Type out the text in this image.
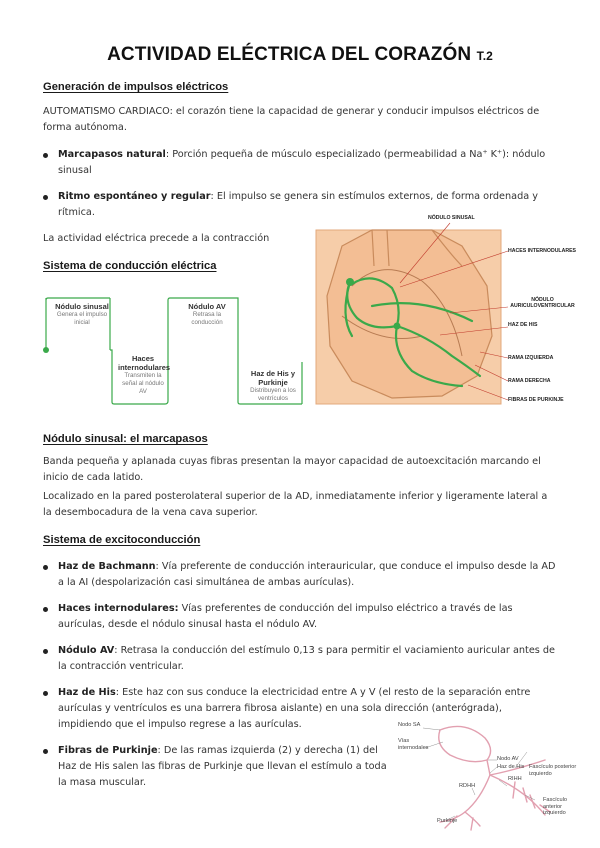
ACTIVIDAD ELÉCTRICA DEL CORAZÓN T.2
Generación de impulsos eléctricos
AUTOMATISMO CARDIACO: el corazón tiene la capacidad de generar y conducir impulsos eléctricos de forma autónoma.
Marcapasos natural: Porción pequeña de músculo especializado (permeabilidad a Na⁺ K⁺): nódulo sinusal
Ritmo espontáneo y regular: El impulso se genera sin estímulos externos, de forma ordenada y rítmica.
La actividad eléctrica precede a la contracción
Sistema de conducción eléctrica
Nódulo sinusal
Genera el impulso inicial
Haces internodulares
Transmiten la señal al nódulo AV
Nódulo AV
Retrasa la conducción
Haz de His y Purkinje
Distribuyen a los ventrículos
NÓDULO SINUSAL
HACES INTERNODULARES
NÓDULO AURICULOVENTRICULAR
HAZ DE HIS
RAMA IZQUIERDA
RAMA DERECHA
FIBRAS DE PURKINJE
Nódulo sinusal: el marcapasos
Banda pequeña y aplanada cuyas fibras presentan la mayor capacidad de autoexcitación marcando el inicio de cada latido.
Localizado en la pared posterolateral superior de la AD, inmediatamente inferior y ligeramente lateral a la desembocadura de la vena cava superior.
Sistema de excitoconducción
Haz de Bachmann: Vía preferente de conducción interauricular, que conduce el impulso desde la AD a la AI (despolarización casi simultánea de ambas aurículas).
Haces internodulares: Vías preferentes de conducción del impulso eléctrico a través de las aurículas, desde el nódulo sinusal hasta el nódulo AV.
Nódulo AV: Retrasa la conducción del estímulo 0,13 s para permitir el vaciamiento auricular antes de la contracción ventricular.
Haz de His: Este haz con sus conduce la electricidad entre A y V (el resto de la separación entre aurículas y ventrículos es una barrera fibrosa aislante) en una sola dirección (anterógrada), impidiendo que el impulso regrese a las aurículas.
Fibras de Purkinje: De las ramas izquierda (2) y derecha (1) del Haz de His salen las fibras de Purkinje que llevan el estímulo a toda la masa muscular.
Nodo SA
Vías internodales
Nodo AV
Haz de His Fascículo posterior izquierdo
RIHH
RDHH
Fascículo anterior izquierdo
Purkinje
